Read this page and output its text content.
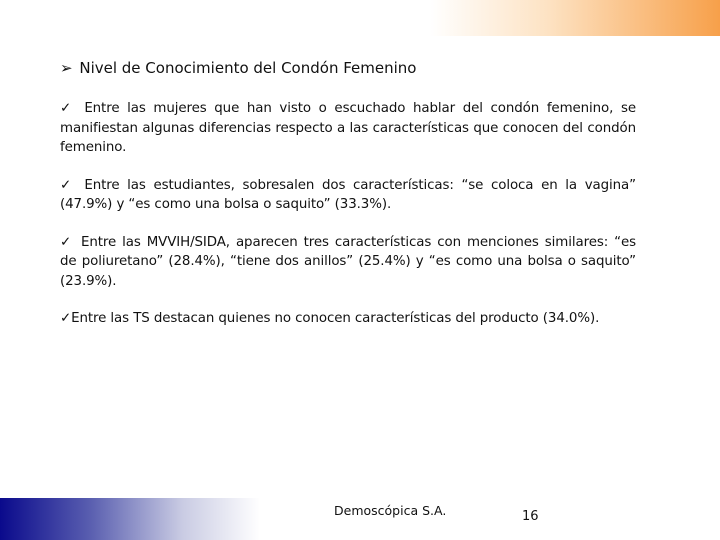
➢ Nivel de Conocimiento del Condón Femenino
✓ Entre las mujeres que han visto o escuchado hablar del condón femenino, se manifiestan algunas diferencias respecto a las características que conocen del condón femenino.
✓ Entre las estudiantes, sobresalen dos características: “se coloca en la vagina” (47.9%) y “es como una bolsa o saquito” (33.3%).
✓ Entre las MVVIH/SIDA, aparecen tres características con menciones similares: “es de poliuretano” (28.4%), “tiene dos anillos” (25.4%) y “es como una bolsa o saquito” (23.9%).
✓Entre las TS destacan quienes no conocen características del producto (34.0%).
Demoscópica S.A.	16
